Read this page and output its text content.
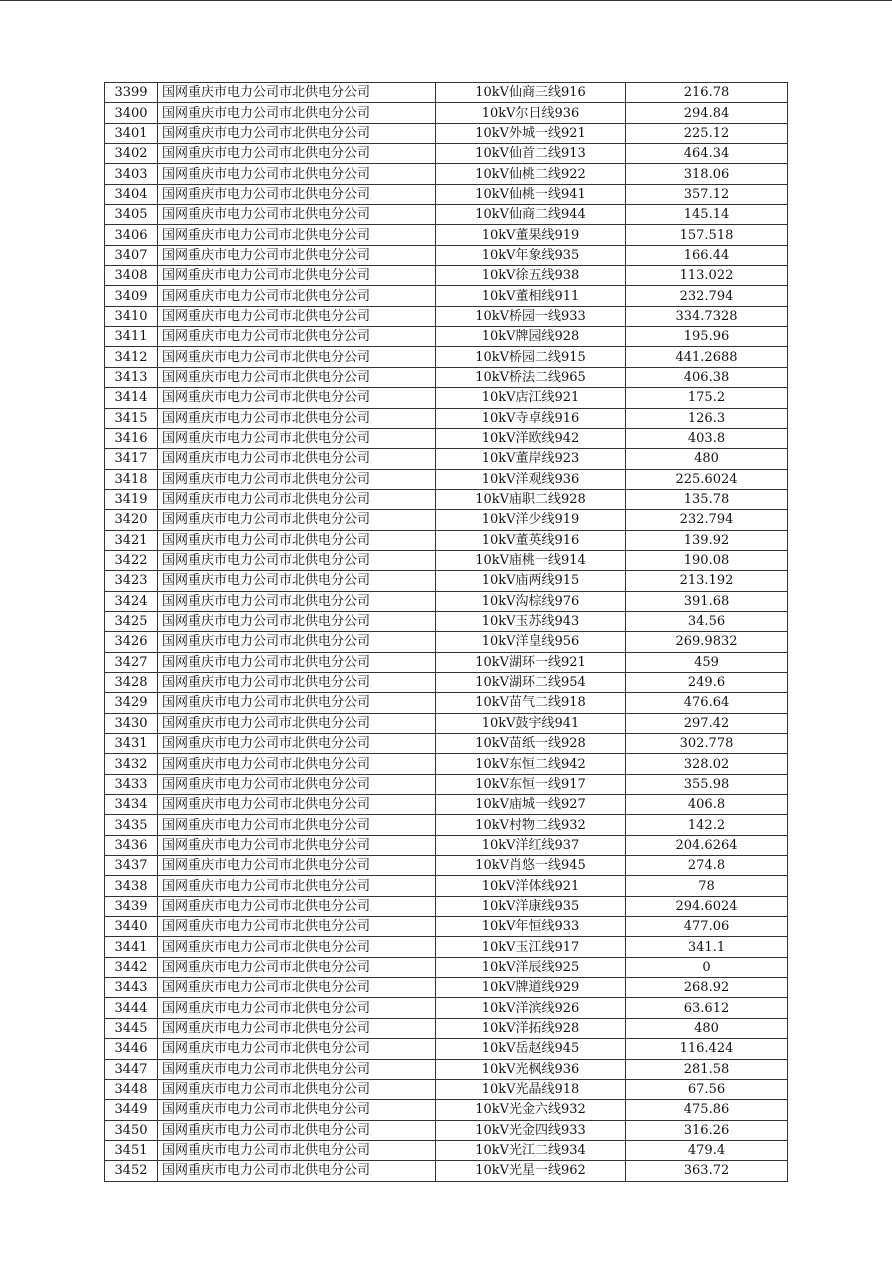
3399	国网重庆市电力公司市北供电分公司	10kV仙商三线916	216.78
3400	国网重庆市电力公司市北供电分公司	10kV尔日线936	294.84
3401	国网重庆市电力公司市北供电分公司	10kV外城一线921	225.12
3402	国网重庆市电力公司市北供电分公司	10kV仙首二线913	464.34
3403	国网重庆市电力公司市北供电分公司	10kV仙桃二线922	318.06
3404	国网重庆市电力公司市北供电分公司	10kV仙桃一线941	357.12
3405	国网重庆市电力公司市北供电分公司	10kV仙商二线944	145.14
3406	国网重庆市电力公司市北供电分公司	10kV董果线919	157.518
3407	国网重庆市电力公司市北供电分公司	10kV年象线935	166.44
3408	国网重庆市电力公司市北供电分公司	10kV徐五线938	113.022
3409	国网重庆市电力公司市北供电分公司	10kV董相线911	232.794
3410	国网重庆市电力公司市北供电分公司	10kV桥园一线933	334.7328
3411	国网重庆市电力公司市北供电分公司	10kV牌园线928	195.96
3412	国网重庆市电力公司市北供电分公司	10kV桥园二线915	441.2688
3413	国网重庆市电力公司市北供电分公司	10kV桥法二线965	406.38
3414	国网重庆市电力公司市北供电分公司	10kV店江线921	175.2
3415	国网重庆市电力公司市北供电分公司	10kV寺卓线916	126.3
3416	国网重庆市电力公司市北供电分公司	10kV洋欧线942	403.8
3417	国网重庆市电力公司市北供电分公司	10kV董岸线923	480
3418	国网重庆市电力公司市北供电分公司	10kV洋观线936	225.6024
3419	国网重庆市电力公司市北供电分公司	10kV庙职二线928	135.78
3420	国网重庆市电力公司市北供电分公司	10kV洋少线919	232.794
3421	国网重庆市电力公司市北供电分公司	10kV董英线916	139.92
3422	国网重庆市电力公司市北供电分公司	10kV庙桃一线914	190.08
3423	国网重庆市电力公司市北供电分公司	10kV庙两线915	213.192
3424	国网重庆市电力公司市北供电分公司	10kV沟棕线976	391.68
3425	国网重庆市电力公司市北供电分公司	10kV玉苏线943	34.56
3426	国网重庆市电力公司市北供电分公司	10kV洋皇线956	269.9832
3427	国网重庆市电力公司市北供电分公司	10kV湖环一线921	459
3428	国网重庆市电力公司市北供电分公司	10kV湖环二线954	249.6
3429	国网重庆市电力公司市北供电分公司	10kV苗气二线918	476.64
3430	国网重庆市电力公司市北供电分公司	10kV鼓宇线941	297.42
3431	国网重庆市电力公司市北供电分公司	10kV苗纸一线928	302.778
3432	国网重庆市电力公司市北供电分公司	10kV东恒二线942	328.02
3433	国网重庆市电力公司市北供电分公司	10kV东恒一线917	355.98
3434	国网重庆市电力公司市北供电分公司	10kV庙城一线927	406.8
3435	国网重庆市电力公司市北供电分公司	10kV村物二线932	142.2
3436	国网重庆市电力公司市北供电分公司	10kV洋红线937	204.6264
3437	国网重庆市电力公司市北供电分公司	10kV肖悠一线945	274.8
3438	国网重庆市电力公司市北供电分公司	10kV洋体线921	78
3439	国网重庆市电力公司市北供电分公司	10kV洋康线935	294.6024
3440	国网重庆市电力公司市北供电分公司	10kV年恒线933	477.06
3441	国网重庆市电力公司市北供电分公司	10kV玉江线917	341.1
3442	国网重庆市电力公司市北供电分公司	10kV洋辰线925	0
3443	国网重庆市电力公司市北供电分公司	10kV牌道线929	268.92
3444	国网重庆市电力公司市北供电分公司	10kV洋滨线926	63.612
3445	国网重庆市电力公司市北供电分公司	10kV洋拓线928	480
3446	国网重庆市电力公司市北供电分公司	10kV岳赵线945	116.424
3447	国网重庆市电力公司市北供电分公司	10kV光枫线936	281.58
3448	国网重庆市电力公司市北供电分公司	10kV光晶线918	67.56
3449	国网重庆市电力公司市北供电分公司	10kV光金六线932	475.86
3450	国网重庆市电力公司市北供电分公司	10kV光金四线933	316.26
3451	国网重庆市电力公司市北供电分公司	10kV光江二线934	479.4
3452	国网重庆市电力公司市北供电分公司	10kV光星一线962	363.72
